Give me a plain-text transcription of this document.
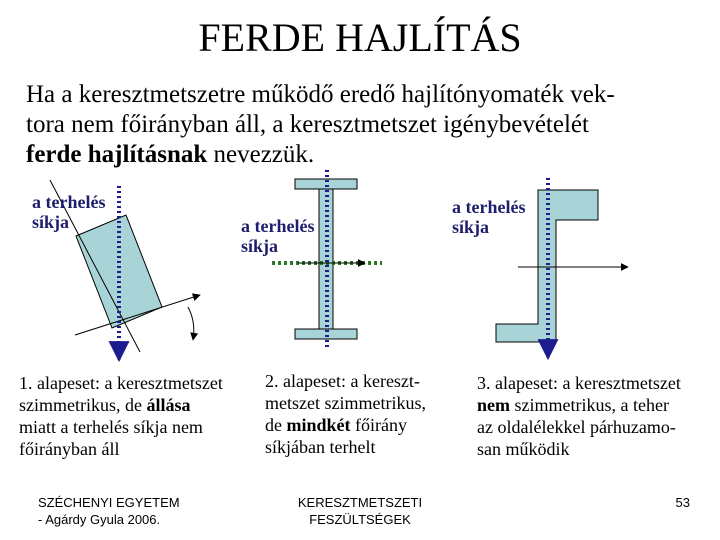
FERDE HAJLÍTÁS
Ha a keresztmetszetre működő eredő hajlítónyomaték vek-
tora nem főirányban áll, a keresztmetszet igénybevételét
ferde hajlításnak nevezzük.
a terhelés
síkja	a terhelés
síkja
a terhelés
síkja
1. alapeset: a keresztmetszet
szimmetrikus, de állása
miatt a terhelés síkja nem
főirányban áll
2. alapeset: a kereszt-
metszet szimmetrikus,
de mindkét főirány
síkjában terhelt
3. alapeset: a keresztmetszet
nem szimmetrikus, a teher
az oldalélekkel párhuzamo-
san működik
SZÉCHENYI EGYETEM
- Agárdy Gyula 2006.
KERESZTMETSZETI
FESZÜLTSÉGEK
53
